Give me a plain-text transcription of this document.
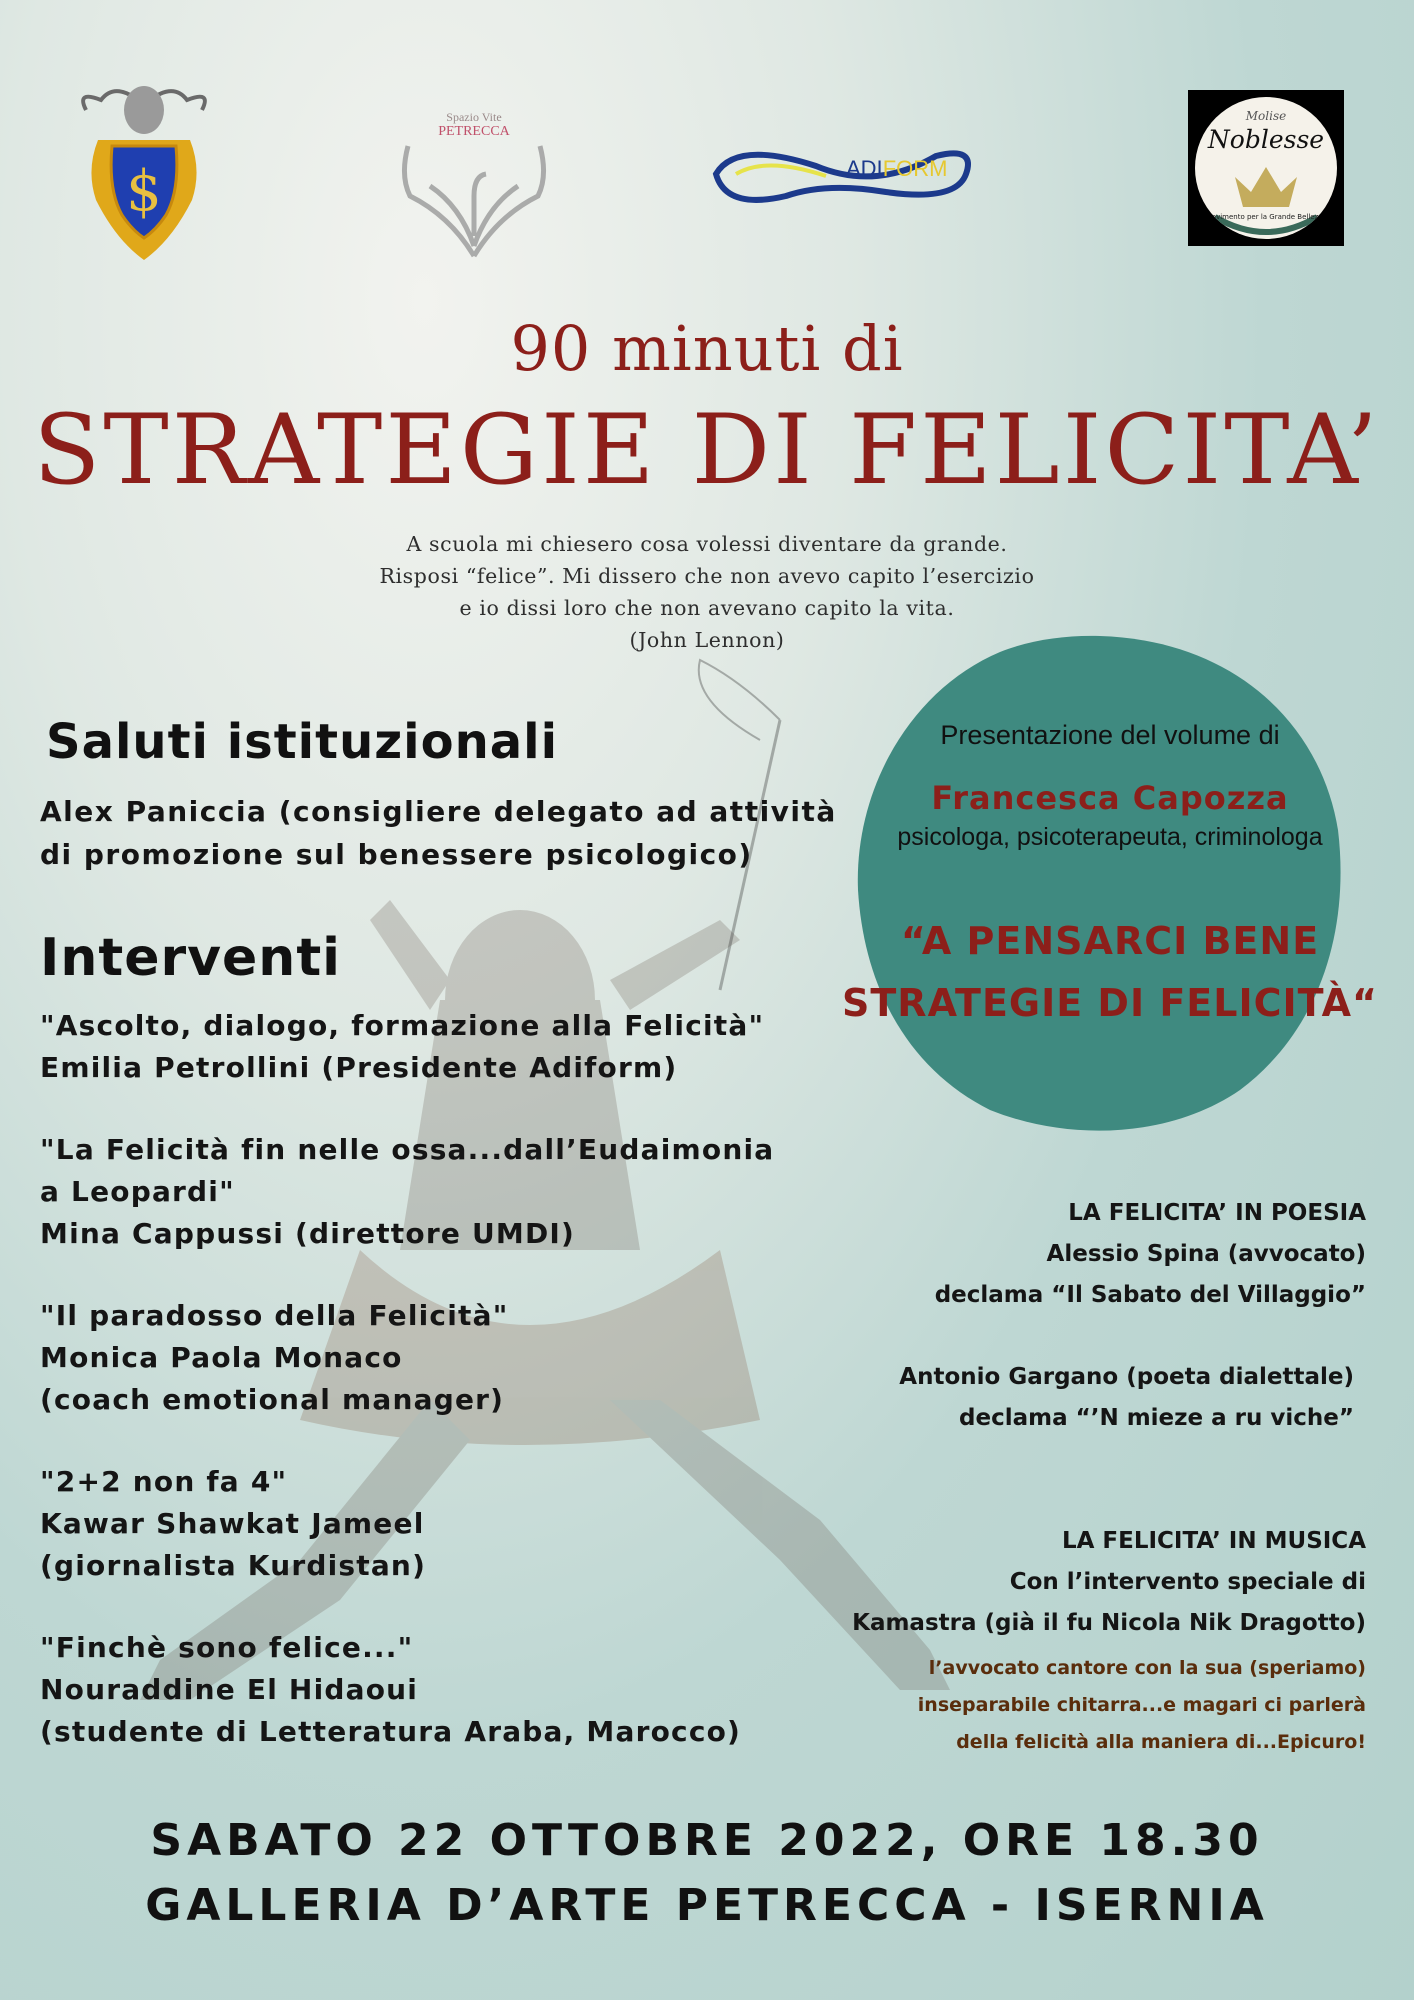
$
Spazio Vite
PETRECCA
ADIFORM
Molise
Noblesse
Movimento per la Grande Bellezza
90 minuti di
STRATEGIE DI FELICITA’
A scuola mi chiesero cosa volessi diventare da grande.
Risposi “felice”. Mi dissero che non avevo capito l’esercizio
e io dissi loro che non avevano capito la vita.
(John Lennon)
Saluti istituzionali
Alex Paniccia (consigliere delegato ad attività
di promozione sul benessere psicologico)
Interventi
"Ascolto, dialogo, formazione alla Felicità"
Emilia Petrollini (Presidente Adiform)
"La Felicità fin nelle ossa...dall’Eudaimonia
a Leopardi"
Mina Cappussi (direttore UMDI)
"Il paradosso della Felicità"
Monica Paola Monaco
(coach emotional manager)
"2+2 non fa 4"
Kawar Shawkat Jameel
(giornalista Kurdistan)
"Finchè sono felice..."
Nouraddine El Hidaoui
(studente di Letteratura Araba, Marocco)
Presentazione del volume di
Francesca Capozza
psicologa, psicoterapeuta, criminologa
“A PENSARCI BENE
STRATEGIE DI FELICITÀ“
LA FELICITA’ IN POESIA
Alessio Spina (avvocato)
declama “Il Sabato del Villaggio”
Antonio Gargano (poeta dialettale)
declama “’N mieze a ru viche”
LA FELICITA’ IN MUSICA
Con l’intervento speciale di
Kamastra (già il fu Nicola Nik Dragotto)
l’avvocato cantore con la sua (speriamo)
inseparabile chitarra...e magari ci parlerà
della felicità alla maniera di...Epicuro!
SABATO 22 OTTOBRE 2022, ORE 18.30
GALLERIA D’ARTE PETRECCA - ISERNIA
